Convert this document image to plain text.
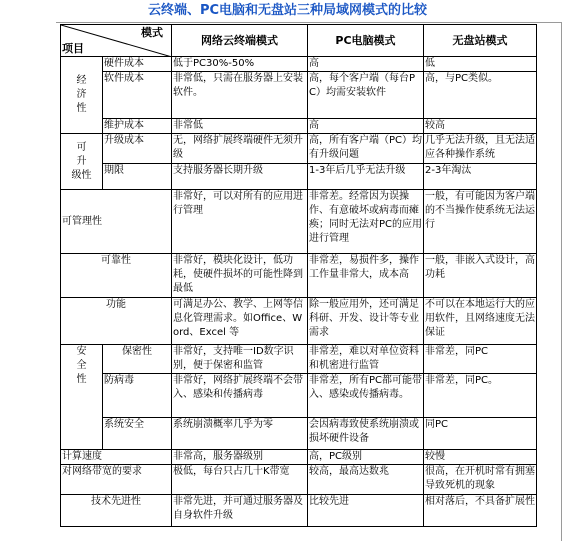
云终端、PC电脑和无盘站三种局域网模式的比较
模式
项目		网络云终端模式	PC电脑模式	无盘站模式

经
济
性	硬件成本	低于PC30%-50%	高	低
	软件成本	非常低，只需在服务器上安装软件。	高，每个客户端（每台PC）均需安装软件	高，与PC类似。
	维护成本	非常低	高	较高

可
升
级性	升级成本	无，网络扩展终端硬件无须升级	高，所有客户端（PC）均有升级问题	几乎无法升级，且无法适应各种操作系统
	期限	支持服务器长期升级	1-3年后几乎无法升级	2-3年淘汰
可管理性		非常好，可以对所有的应用进行管理	非常差。经常因为误操作、有意破坏或病毒而瘫痪；同时无法对PC的应用进行管理	一般，有可能因为客户端的不当操作使系统无法运行
可靠性		非常好，模块化设计，低功耗，使硬件损坏的可能性降到最低	非常差，易损件多，操作工作量非常大，成本高	一般，非嵌入式设计，高功耗
功能		可满足办公、教学、上网等信息化管理需求。如Office、Word、Excel 等	除一般应用外，还可满足科研、开发、设计等专业需求	不可以在本地运行大的应用软件，且网络速度无法保证

安
全
性	保密性	非常好，支持唯一ID数字识别，便于保密和监管	非常差，难以对单位资料和机密进行监管	非常差，同PC
	防病毒	非常好，网络扩展终端不会带入、感染和传播病毒	非常差，所有PC都可能带入、感染或传播病毒。	非常差，同PC。
	系统安全	系统崩溃概率几乎为零	会因病毒致使系统崩溃或损坏硬件设备	同PC
计算速度		非常高，服务器级别	高，PC级别	较慢
对网络带宽的要求		极低，每台只占几十K带宽	较高，最高达数兆	很高，在开机时常有拥塞导致死机的现象
技术先进性		非常先进，并可通过服务器及自身软件升级	比较先进	相对落后，不具备扩展性
